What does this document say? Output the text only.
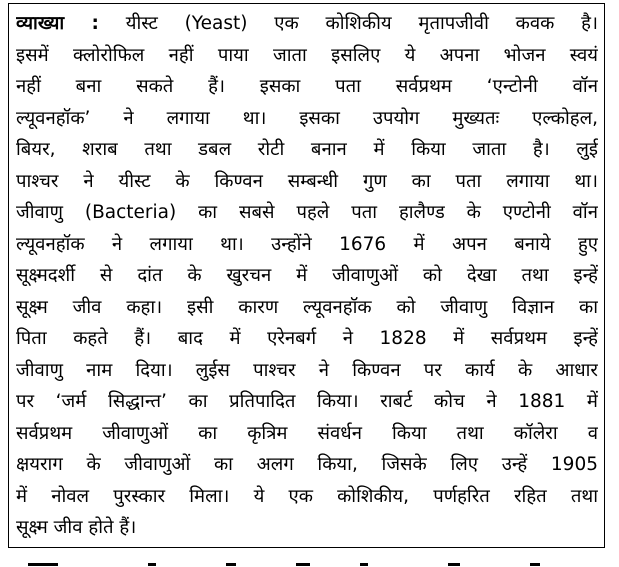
व्याख्या : यीस्ट (Yeast) एक कोशिकीय मृतापजीवी कवक है।
इसमें क्लोरोफिल नहीं पाया जाता इसलिए ये अपना भोजन स्वयं
नहीं बना सकते हैं। इसका पता सर्वप्रथम ‘एन्टोनी वॉन
ल्यूवनहॉक’ ने लगाया था। इसका उपयोग मुख्यतः एल्कोहल,
बियर, शराब तथा डबल रोटी बनान में किया जाता है। लुई
पाश्चर ने यीस्ट के किण्वन सम्बन्धी गुण का पता लगाया था।
जीवाणु (Bacteria) का सबसे पहले पता हालैण्ड के एण्टोनी वॉन
ल्यूवनहॉक ने लगाया था। उन्होंने 1676 में अपन बनाये हुए
सूक्ष्मदर्शी से दांत के खुरचन में जीवाणुओं को देखा तथा इन्हें
सूक्ष्म जीव कहा। इसी कारण ल्यूवनहॉक को जीवाणु विज्ञान का
पिता कहते हैं। बाद में एरेनबर्ग ने 1828 में सर्वप्रथम इन्हें
जीवाणु नाम दिया। लुईस पाश्चर ने किण्वन पर कार्य के आधार
पर ‘जर्म सिद्धान्त’ का प्रतिपादित किया। राबर्ट कोच ने 1881 में
सर्वप्रथम जीवाणुओं का कृत्रिम संवर्धन किया तथा कॉलेरा व
क्षयराग के जीवाणुओं का अलग किया, जिसके लिए उन्हें 1905
में नोवल पुरस्कार मिला। ये एक कोशिकीय, पर्णहरित रहित तथा
सूक्ष्म जीव होते हैं।
